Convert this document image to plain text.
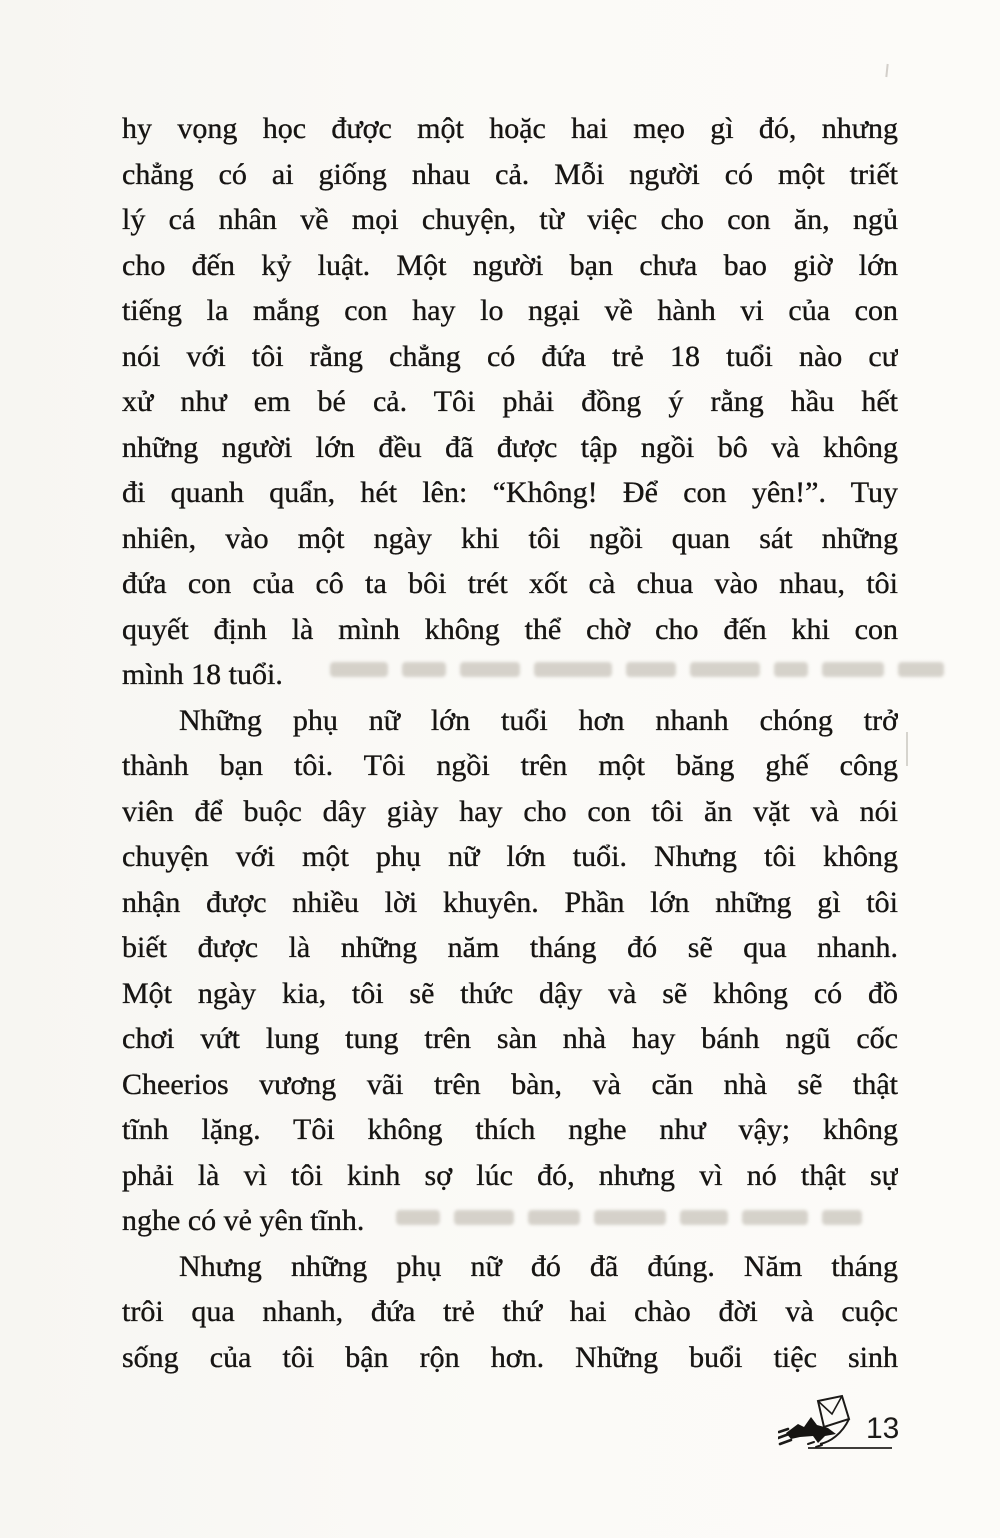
hy vọng học được một hoặc hai mẹo gì đó, nhưng
chẳng có ai giống nhau cả. Mỗi người có một triết
lý cá nhân về mọi chuyện, từ việc cho con ăn, ngủ
cho đến kỷ luật. Một người bạn chưa bao giờ lớn
tiếng la mắng con hay lo ngại về hành vi của con
nói với tôi rằng chẳng có đứa trẻ 18 tuổi nào cư
xử như em bé cả. Tôi phải đồng ý rằng hầu hết
những người lớn đều đã được tập ngồi bô và không
đi quanh quẩn, hét lên: “Không! Để con yên!”. Tuy
nhiên, vào một ngày khi tôi ngồi quan sát những
đứa con của cô ta bôi trét xốt cà chua vào nhau, tôi
quyết định là mình không thể chờ cho đến khi con
mình 18 tuổi.
Những phụ nữ lớn tuổi hơn nhanh chóng trở
thành bạn tôi. Tôi ngồi trên một băng ghế công
viên để buộc dây giày hay cho con tôi ăn vặt và nói
chuyện với một phụ nữ lớn tuổi. Nhưng tôi không
nhận được nhiều lời khuyên. Phần lớn những gì tôi
biết được là những năm tháng đó sẽ qua nhanh.
Một ngày kia, tôi sẽ thức dậy và sẽ không có đồ
chơi vứt lung tung trên sàn nhà hay bánh ngũ cốc
Cheerios vương vãi trên bàn, và căn nhà sẽ thật
tĩnh lặng. Tôi không thích nghe như vậy; không
phải là vì tôi kinh sợ lúc đó, nhưng vì nó thật sự
nghe có vẻ yên tĩnh.
Nhưng những phụ nữ đó đã đúng. Năm tháng
trôi qua nhanh, đứa trẻ thứ hai chào đời và cuộc
sống của tôi bận rộn hơn. Những buổi tiệc sinh
13
